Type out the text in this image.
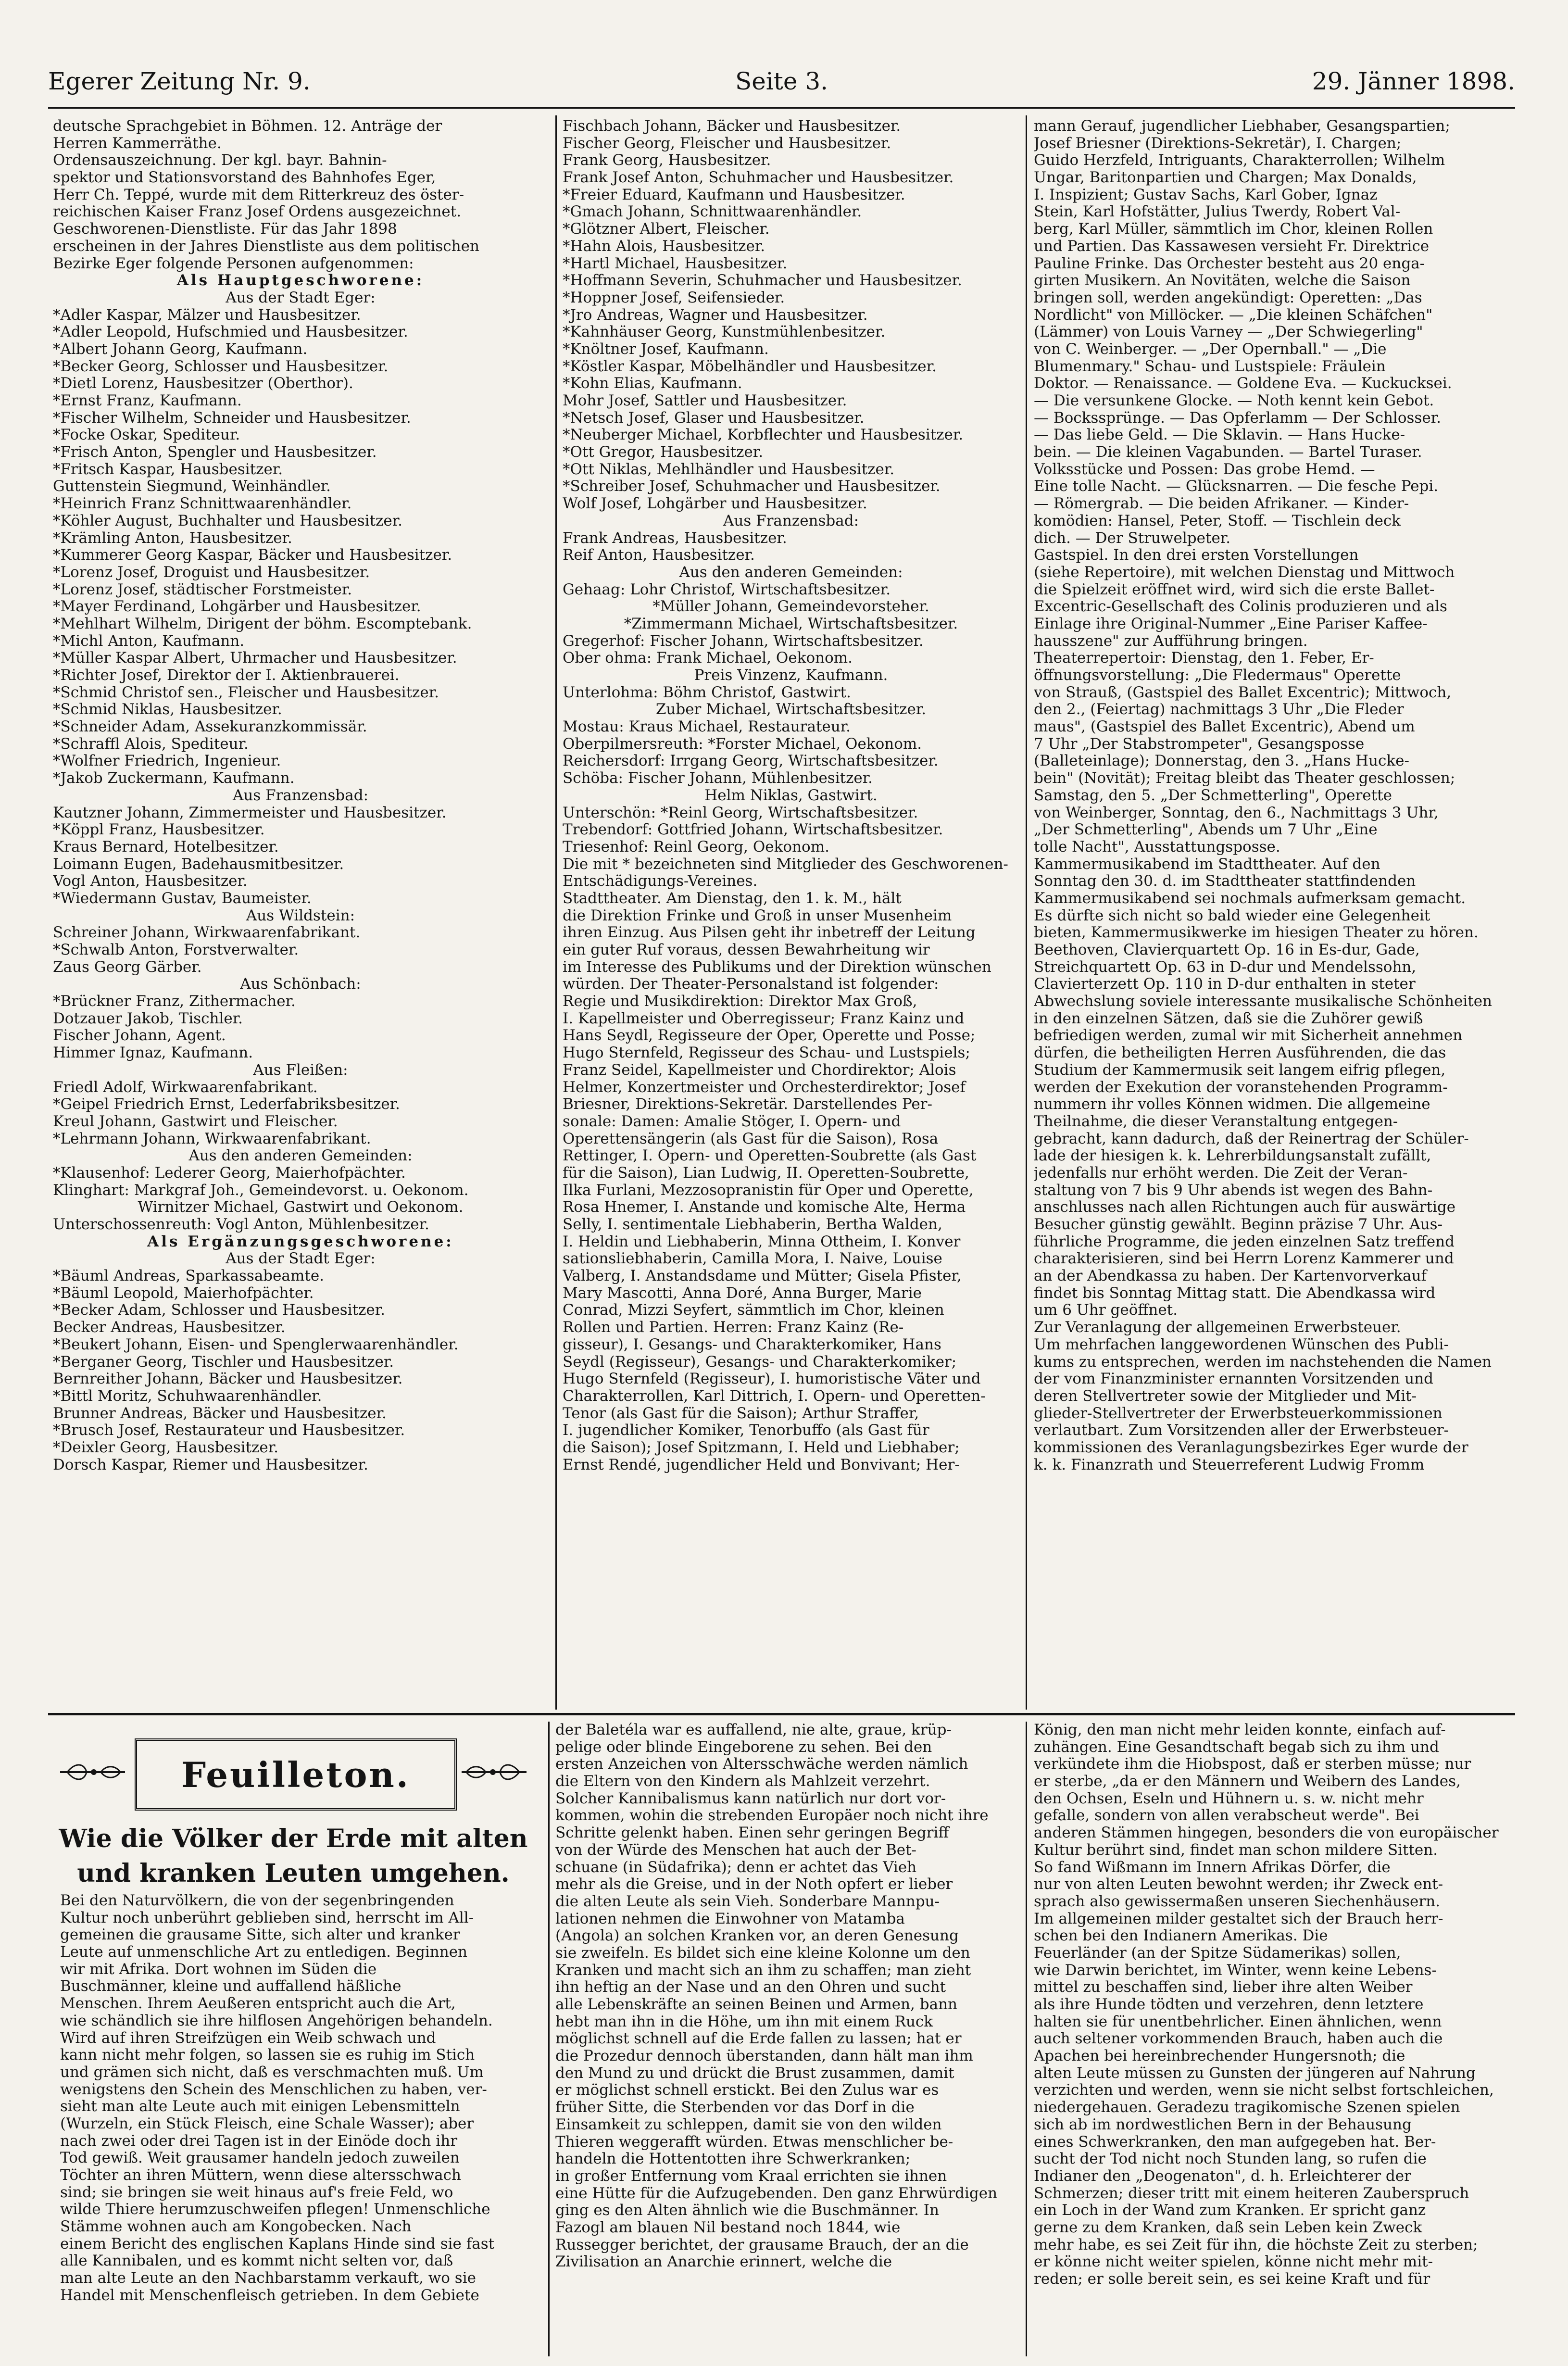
Egerer Zeitung Nr. 9.	Seite 3.	29. Jänner 1898.
deutsche Sprachgebiet in Böhmen. 12. Anträge der
Herren Kammerräthe.
Ordensauszeichnung. Der kgl. bayr. Bahnin-
spektor und Stationsvorstand des Bahnhofes Eger,
Herr Ch. Teppé, wurde mit dem Ritterkreuz des öster-
reichischen Kaiser Franz Josef Ordens ausgezeichnet.
Geschworenen-Dienstliste. Für das Jahr 1898
erscheinen in der Jahres Dienstliste aus dem politischen
Bezirke Eger folgende Personen aufgenommen:
Als Hauptgeschworene:
Aus der Stadt Eger:
*Adler Kaspar, Mälzer und Hausbesitzer.
*Adler Leopold, Hufschmied und Hausbesitzer.
*Albert Johann Georg, Kaufmann.
*Becker Georg, Schlosser und Hausbesitzer.
*Dietl Lorenz, Hausbesitzer (Oberthor).
*Ernst Franz, Kaufmann.
*Fischer Wilhelm, Schneider und Hausbesitzer.
*Focke Oskar, Spediteur.
*Frisch Anton, Spengler und Hausbesitzer.
*Fritsch Kaspar, Hausbesitzer.
Guttenstein Siegmund, Weinhändler.
*Heinrich Franz Schnittwaarenhändler.
*Köhler August, Buchhalter und Hausbesitzer.
*Krämling Anton, Hausbesitzer.
*Kummerer Georg Kaspar, Bäcker und Hausbesitzer.
*Lorenz Josef, Droguist und Hausbesitzer.
*Lorenz Josef, städtischer Forstmeister.
*Mayer Ferdinand, Lohgärber und Hausbesitzer.
*Mehlhart Wilhelm, Dirigent der böhm. Escomptebank.
*Michl Anton, Kaufmann.
*Müller Kaspar Albert, Uhrmacher und Hausbesitzer.
*Richter Josef, Direktor der I. Aktienbrauerei.
*Schmid Christof sen., Fleischer und Hausbesitzer.
*Schmid Niklas, Hausbesitzer.
*Schneider Adam, Assekuranzkommissär.
*Schraffl Alois, Spediteur.
*Wolfner Friedrich, Ingenieur.
*Jakob Zuckermann, Kaufmann.
Aus Franzensbad:
Kautzner Johann, Zimmermeister und Hausbesitzer.
*Köppl Franz, Hausbesitzer.
Kraus Bernard, Hotelbesitzer.
Loimann Eugen, Badehausmitbesitzer.
Vogl Anton, Hausbesitzer.
*Wiedermann Gustav, Baumeister.
Aus Wildstein:
Schreiner Johann, Wirkwaarenfabrikant.
*Schwalb Anton, Forstverwalter.
Zaus Georg Gärber.
Aus Schönbach:
*Brückner Franz, Zithermacher.
Dotzauer Jakob, Tischler.
Fischer Johann, Agent.
Himmer Ignaz, Kaufmann.
Aus Fleißen:
Friedl Adolf, Wirkwaarenfabrikant.
*Geipel Friedrich Ernst, Lederfabriksbesitzer.
Kreul Johann, Gastwirt und Fleischer.
*Lehrmann Johann, Wirkwaarenfabrikant.
Aus den anderen Gemeinden:
*Klausenhof: Lederer Georg, Maierhofpächter.
Klinghart: Markgraf Joh., Gemeindevorst. u. Oekonom.
Wirnitzer Michael, Gastwirt und Oekonom.
Unterschossenreuth: Vogl Anton, Mühlenbesitzer.
Als Ergänzungsgeschworene:
Aus der Stadt Eger:
*Bäuml Andreas, Sparkassabeamte.
*Bäuml Leopold, Maierhofpächter.
*Becker Adam, Schlosser und Hausbesitzer.
Becker Andreas, Hausbesitzer.
*Beukert Johann, Eisen- und Spenglerwaarenhändler.
*Berganer Georg, Tischler und Hausbesitzer.
Bernreither Johann, Bäcker und Hausbesitzer.
*Bittl Moritz, Schuhwaarenhändler.
Brunner Andreas, Bäcker und Hausbesitzer.
*Brusch Josef, Restaurateur und Hausbesitzer.
*Deixler Georg, Hausbesitzer.
Dorsch Kaspar, Riemer und Hausbesitzer.
Fischbach Johann, Bäcker und Hausbesitzer.
Fischer Georg, Fleischer und Hausbesitzer.
Frank Georg, Hausbesitzer.
Frank Josef Anton, Schuhmacher und Hausbesitzer.
*Freier Eduard, Kaufmann und Hausbesitzer.
*Gmach Johann, Schnittwaarenhändler.
*Glötzner Albert, Fleischer.
*Hahn Alois, Hausbesitzer.
*Hartl Michael, Hausbesitzer.
*Hoffmann Severin, Schuhmacher und Hausbesitzer.
*Hoppner Josef, Seifensieder.
*Jro Andreas, Wagner und Hausbesitzer.
*Kahnhäuser Georg, Kunstmühlenbesitzer.
*Knöltner Josef, Kaufmann.
*Köstler Kaspar, Möbelhändler und Hausbesitzer.
*Kohn Elias, Kaufmann.
Mohr Josef, Sattler und Hausbesitzer.
*Netsch Josef, Glaser und Hausbesitzer.
*Neuberger Michael, Korbflechter und Hausbesitzer.
*Ott Gregor, Hausbesitzer.
*Ott Niklas, Mehlhändler und Hausbesitzer.
*Schreiber Josef, Schuhmacher und Hausbesitzer.
Wolf Josef, Lohgärber und Hausbesitzer.
Aus Franzensbad:
Frank Andreas, Hausbesitzer.
Reif Anton, Hausbesitzer.
Aus den anderen Gemeinden:
Gehaag: Lohr Christof, Wirtschaftsbesitzer.
*Müller Johann, Gemeindevorsteher.
*Zimmermann Michael, Wirtschaftsbesitzer.
Gregerhof: Fischer Johann, Wirtschaftsbesitzer.
Ober ohma: Frank Michael, Oekonom.
Preis Vinzenz, Kaufmann.
Unterlohma: Böhm Christof, Gastwirt.
Zuber Michael, Wirtschaftsbesitzer.
Mostau: Kraus Michael, Restaurateur.
Oberpilmersreuth: *Forster Michael, Oekonom.
Reichersdorf: Irrgang Georg, Wirtschaftsbesitzer.
Schöba: Fischer Johann, Mühlenbesitzer.
Helm Niklas, Gastwirt.
Unterschön: *Reinl Georg, Wirtschaftsbesitzer.
Trebendorf: Gottfried Johann, Wirtschaftsbesitzer.
Triesenhof: Reinl Georg, Oekonom.
Die mit * bezeichneten sind Mitglieder des Geschworenen-
Entschädigungs-Vereines.
Stadttheater. Am Dienstag, den 1. k. M., hält
die Direktion Frinke und Groß in unser Musenheim
ihren Einzug. Aus Pilsen geht ihr inbetreff der Leitung
ein guter Ruf voraus, dessen Bewahrheitung wir
im Interesse des Publikums und der Direktion wünschen
würden. Der Theater-Personalstand ist folgender:
Regie und Musikdirektion: Direktor Max Groß,
I. Kapellmeister und Oberregisseur; Franz Kainz und
Hans Seydl, Regisseure der Oper, Operette und Posse;
Hugo Sternfeld, Regisseur des Schau- und Lustspiels;
Franz Seidel, Kapellmeister und Chordirektor; Alois
Helmer, Konzertmeister und Orchesterdirektor; Josef
Briesner, Direktions-Sekretär. Darstellendes Per-
sonale: Damen: Amalie Stöger, I. Opern- und
Operettensängerin (als Gast für die Saison), Rosa
Rettinger, I. Opern- und Operetten-Soubrette (als Gast
für die Saison), Lian Ludwig, II. Operetten-Soubrette,
Ilka Furlani, Mezzosopranistin für Oper und Operette,
Rosa Hnemer, I. Anstande und komische Alte, Herma
Selly, I. sentimentale Liebhaberin, Bertha Walden,
I. Heldin und Liebhaberin, Minna Ottheim, I. Konver
sationsliebhaberin, Camilla Mora, I. Naive, Louise
Valberg, I. Anstandsdame und Mütter; Gisela Pfister,
Mary Mascotti, Anna Doré, Anna Burger, Marie
Conrad, Mizzi Seyfert, sämmtlich im Chor, kleinen
Rollen und Partien. Herren: Franz Kainz (Re-
gisseur), I. Gesangs- und Charakterkomiker, Hans
Seydl (Regisseur), Gesangs- und Charakterkomiker;
Hugo Sternfeld (Regisseur), I. humoristische Väter und
Charakterrollen, Karl Dittrich, I. Opern- und Operetten-
Tenor (als Gast für die Saison); Arthur Straffer,
I. jugendlicher Komiker, Tenorbuffo (als Gast für
die Saison); Josef Spitzmann, I. Held und Liebhaber;
Ernst Rendé, jugendlicher Held und Bonvivant; Her-
mann Gerauf, jugendlicher Liebhaber, Gesangspartien;
Josef Briesner (Direktions-Sekretär), I. Chargen;
Guido Herzfeld, Intriguants, Charakterrollen; Wilhelm
Ungar, Baritonpartien und Chargen; Max Donalds,
I. Inspizient; Gustav Sachs, Karl Gober, Ignaz
Stein, Karl Hofstätter, Julius Twerdy, Robert Val-
berg, Karl Müller, sämmtlich im Chor, kleinen Rollen
und Partien. Das Kassawesen versieht Fr. Direktrice
Pauline Frinke. Das Orchester besteht aus 20 enga-
girten Musikern. An Novitäten, welche die Saison
bringen soll, werden angekündigt: Operetten: „Das
Nordlicht" von Millöcker. — „Die kleinen Schäfchen"
(Lämmer) von Louis Varney — „Der Schwiegerling"
von C. Weinberger. — „Der Opernball." — „Die
Blumenmary." Schau- und Lustspiele: Fräulein
Doktor. — Renaissance. — Goldene Eva. — Kuckucksei.
— Die versunkene Glocke. — Noth kennt kein Gebot.
— Bockssprünge. — Das Opferlamm — Der Schlosser.
— Das liebe Geld. — Die Sklavin. — Hans Hucke-
bein. — Die kleinen Vagabunden. — Bartel Turaser.
Volksstücke und Possen: Das grobe Hemd. —
Eine tolle Nacht. — Glücksnarren. — Die fesche Pepi.
— Römergrab. — Die beiden Afrikaner. — Kinder-
komödien: Hansel, Peter, Stoff. — Tischlein deck
dich. — Der Struwelpeter.
Gastspiel. In den drei ersten Vorstellungen
(siehe Repertoire), mit welchen Dienstag und Mittwoch
die Spielzeit eröffnet wird, wird sich die erste Ballet-
Excentric-Gesellschaft des Colinis produzieren und als
Einlage ihre Original-Nummer „Eine Pariser Kaffee-
hausszene" zur Aufführung bringen.
Theaterrepertoir: Dienstag, den 1. Feber, Er-
öffnungsvorstellung: „Die Fledermaus" Operette
von Strauß, (Gastspiel des Ballet Excentric); Mittwoch,
den 2., (Feiertag) nachmittags 3 Uhr „Die Fleder
maus", (Gastspiel des Ballet Excentric), Abend um
7 Uhr „Der Stabstrompeter", Gesangsposse
(Balleteinlage); Donnerstag, den 3. „Hans Hucke-
bein" (Novität); Freitag bleibt das Theater geschlossen;
Samstag, den 5. „Der Schmetterling", Operette
von Weinberger, Sonntag, den 6., Nachmittags 3 Uhr,
„Der Schmetterling", Abends um 7 Uhr „Eine
tolle Nacht", Ausstattungsposse.
Kammermusikabend im Stadttheater. Auf den
Sonntag den 30. d. im Stadttheater stattfindenden
Kammermusikabend sei nochmals aufmerksam gemacht.
Es dürfte sich nicht so bald wieder eine Gelegenheit
bieten, Kammermusikwerke im hiesigen Theater zu hören.
Beethoven, Clavierquartett Op. 16 in Es-dur, Gade,
Streichquartett Op. 63 in D-dur und Mendelssohn,
Clavierterzett Op. 110 in D-dur enthalten in steter
Abwechslung soviele interessante musikalische Schönheiten
in den einzelnen Sätzen, daß sie die Zuhörer gewiß
befriedigen werden, zumal wir mit Sicherheit annehmen
dürfen, die betheiligten Herren Ausführenden, die das
Studium der Kammermusik seit langem eifrig pflegen,
werden der Exekution der voranstehenden Programm-
nummern ihr volles Können widmen. Die allgemeine
Theilnahme, die dieser Veranstaltung entgegen-
gebracht, kann dadurch, daß der Reinertrag der Schüler-
lade der hiesigen k. k. Lehrerbildungsanstalt zufällt,
jedenfalls nur erhöht werden. Die Zeit der Veran-
staltung von 7 bis 9 Uhr abends ist wegen des Bahn-
anschlusses nach allen Richtungen auch für auswärtige
Besucher günstig gewählt. Beginn präzise 7 Uhr. Aus-
führliche Programme, die jeden einzelnen Satz treffend
charakterisieren, sind bei Herrn Lorenz Kammerer und
an der Abendkassa zu haben. Der Kartenvorverkauf
findet bis Sonntag Mittag statt. Die Abendkassa wird
um 6 Uhr geöffnet.
Zur Veranlagung der allgemeinen Erwerbsteuer.
Um mehrfachen langgewordenen Wünschen des Publi-
kums zu entsprechen, werden im nachstehenden die Namen
der vom Finanzminister ernannten Vorsitzenden und
deren Stellvertreter sowie der Mitglieder und Mit-
glieder-Stellvertreter der Erwerbsteuerkommissionen
verlautbart. Zum Vorsitzenden aller der Erwerbsteuer-
kommissionen des Veranlagungsbezirkes Eger wurde der
k. k. Finanzrath und Steuerreferent Ludwig Fromm
Feuilleton.
Wie die Völker der Erde mit alten
und kranken Leuten umgehen.
Bei den Naturvölkern, die von der segenbringenden
Kultur noch unberührt geblieben sind, herrscht im All-
gemeinen die grausame Sitte, sich alter und kranker
Leute auf unmenschliche Art zu entledigen. Beginnen
wir mit Afrika. Dort wohnen im Süden die
Buschmänner, kleine und auffallend häßliche
Menschen. Ihrem Aeußeren entspricht auch die Art,
wie schändlich sie ihre hilflosen Angehörigen behandeln.
Wird auf ihren Streifzügen ein Weib schwach und
kann nicht mehr folgen, so lassen sie es ruhig im Stich
und grämen sich nicht, daß es verschmachten muß. Um
wenigstens den Schein des Menschlichen zu haben, ver-
sieht man alte Leute auch mit einigen Lebensmitteln
(Wurzeln, ein Stück Fleisch, eine Schale Wasser); aber
nach zwei oder drei Tagen ist in der Einöde doch ihr
Tod gewiß. Weit grausamer handeln jedoch zuweilen
Töchter an ihren Müttern, wenn diese altersschwach
sind; sie bringen sie weit hinaus auf's freie Feld, wo
wilde Thiere herumzuschweifen pflegen! Unmenschliche
Stämme wohnen auch am Kongobecken. Nach
einem Bericht des englischen Kaplans Hinde sind sie fast
alle Kannibalen, und es kommt nicht selten vor, daß
man alte Leute an den Nachbarstamm verkauft, wo sie
Handel mit Menschenfleisch getrieben. In dem Gebiete
der Baletéla war es auffallend, nie alte, graue, krüp-
pelige oder blinde Eingeborene zu sehen. Bei den
ersten Anzeichen von Altersschwäche werden nämlich
die Eltern von den Kindern als Mahlzeit verzehrt.
Solcher Kannibalismus kann natürlich nur dort vor-
kommen, wohin die strebenden Europäer noch nicht ihre
Schritte gelenkt haben. Einen sehr geringen Begriff
von der Würde des Menschen hat auch der Bet-
schuane (in Südafrika); denn er achtet das Vieh
mehr als die Greise, und in der Noth opfert er lieber
die alten Leute als sein Vieh. Sonderbare Mannpu-
lationen nehmen die Einwohner von Matamba
(Angola) an solchen Kranken vor, an deren Genesung
sie zweifeln. Es bildet sich eine kleine Kolonne um den
Kranken und macht sich an ihm zu schaffen; man zieht
ihn heftig an der Nase und an den Ohren und sucht
alle Lebenskräfte an seinen Beinen und Armen, bann
hebt man ihn in die Höhe, um ihn mit einem Ruck
möglichst schnell auf die Erde fallen zu lassen; hat er
die Prozedur dennoch überstanden, dann hält man ihm
den Mund zu und drückt die Brust zusammen, damit
er möglichst schnell erstickt. Bei den Zulus war es
früher Sitte, die Sterbenden vor das Dorf in die
Einsamkeit zu schleppen, damit sie von den wilden
Thieren weggerafft würden. Etwas menschlicher be-
handeln die Hottentotten ihre Schwerkranken;
in großer Entfernung vom Kraal errichten sie ihnen
eine Hütte für die Aufzugebenden. Den ganz Ehrwürdigen
ging es den Alten ähnlich wie die Buschmänner. In
Fazogl am blauen Nil bestand noch 1844, wie
Russegger berichtet, der grausame Brauch, der an die
Zivilisation an Anarchie erinnert, welche die
König, den man nicht mehr leiden konnte, einfach auf-
zuhängen. Eine Gesandtschaft begab sich zu ihm und
verkündete ihm die Hiobspost, daß er sterben müsse; nur
er sterbe, „da er den Männern und Weibern des Landes,
den Ochsen, Eseln und Hühnern u. s. w. nicht mehr
gefalle, sondern von allen verabscheut werde". Bei
anderen Stämmen hingegen, besonders die von europäischer
Kultur berührt sind, findet man schon mildere Sitten.
So fand Wißmann im Innern Afrikas Dörfer, die
nur von alten Leuten bewohnt werden; ihr Zweck ent-
sprach also gewissermaßen unseren Siechenhäusern.
Im allgemeinen milder gestaltet sich der Brauch herr-
schen bei den Indianern Amerikas. Die
Feuerländer (an der Spitze Südamerikas) sollen,
wie Darwin berichtet, im Winter, wenn keine Lebens-
mittel zu beschaffen sind, lieber ihre alten Weiber
als ihre Hunde tödten und verzehren, denn letztere
halten sie für unentbehrlicher. Einen ähnlichen, wenn
auch seltener vorkommenden Brauch, haben auch die
Apachen bei hereinbrechender Hungersnoth; die
alten Leute müssen zu Gunsten der jüngeren auf Nahrung
verzichten und werden, wenn sie nicht selbst fortschleichen,
niedergehauen. Geradezu tragikomische Szenen spielen
sich ab im nordwestlichen Bern in der Behausung
eines Schwerkranken, den man aufgegeben hat. Ber-
sucht der Tod nicht noch Stunden lang, so rufen die
Indianer den „Deogenaton", d. h. Erleichterer der
Schmerzen; dieser tritt mit einem heiteren Zauberspruch
ein Loch in der Wand zum Kranken. Er spricht ganz
gerne zu dem Kranken, daß sein Leben kein Zweck
mehr habe, es sei Zeit für ihn, die höchste Zeit zu sterben;
er könne nicht weiter spielen, könne nicht mehr mit-
reden; er solle bereit sein, es sei keine Kraft und für
